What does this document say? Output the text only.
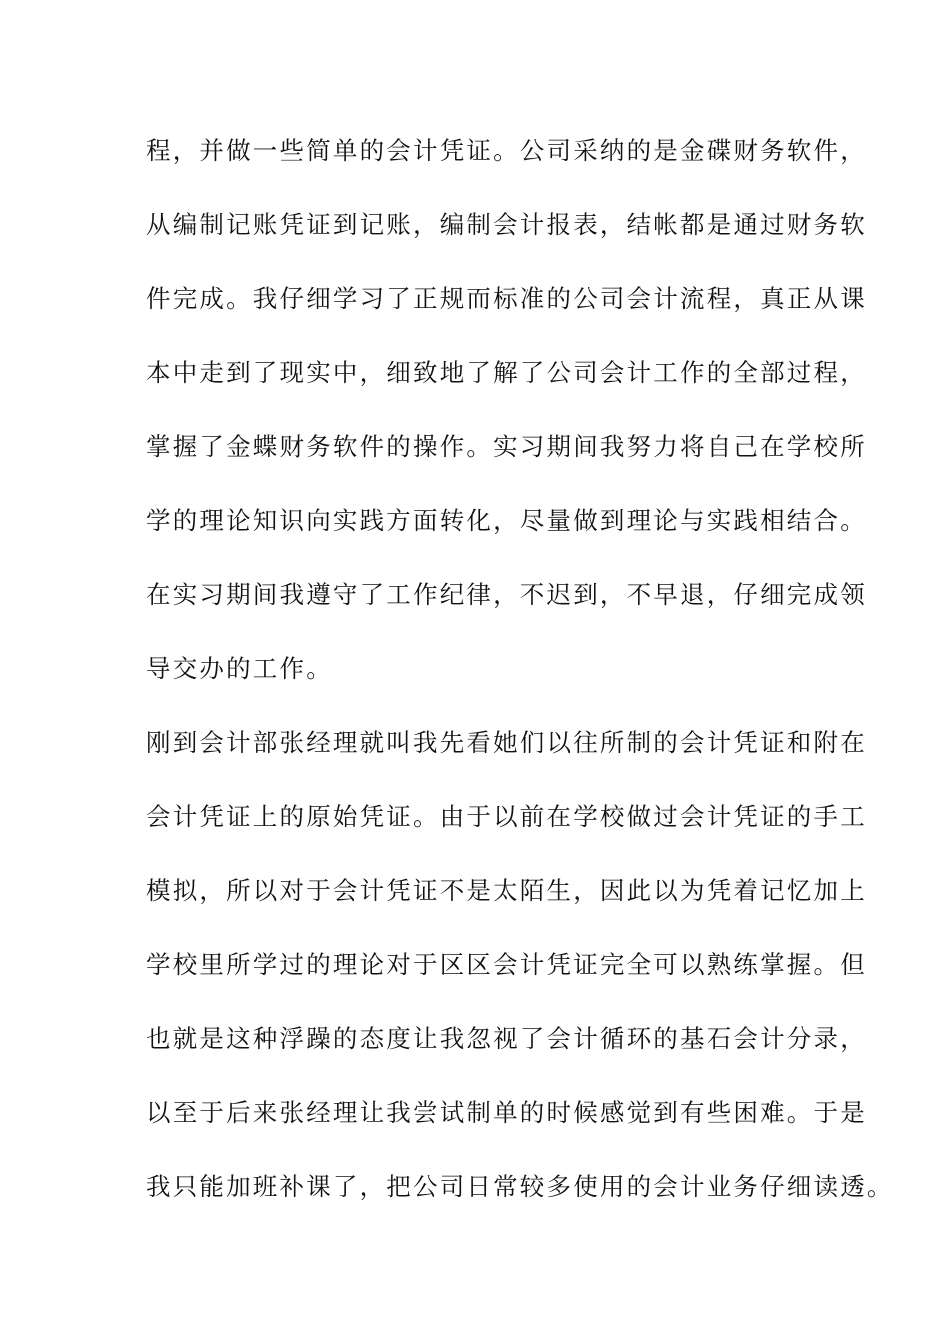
程，并做一些简单的会计凭证。公司采纳的是金碟财务软件，
从编制记账凭证到记账，编制会计报表，结帐都是通过财务软
件完成。我仔细学习了正规而标准的公司会计流程，真正从课
本中走到了现实中，细致地了解了公司会计工作的全部过程，
掌握了金蝶财务软件的操作。实习期间我努力将自己在学校所
学的理论知识向实践方面转化，尽量做到理论与实践相结合。
在实习期间我遵守了工作纪律，不迟到，不早退，仔细完成领
导交办的工作。
刚到会计部张经理就叫我先看她们以往所制的会计凭证和附在
会计凭证上的原始凭证。由于以前在学校做过会计凭证的手工
模拟，所以对于会计凭证不是太陌生，因此以为凭着记忆加上
学校里所学过的理论对于区区会计凭证完全可以熟练掌握。但
也就是这种浮躁的态度让我忽视了会计循环的基石会计分录，
以至于后来张经理让我尝试制单的时候感觉到有些困难。于是
我只能加班补课了，把公司日常较多使用的会计业务仔细读透。
